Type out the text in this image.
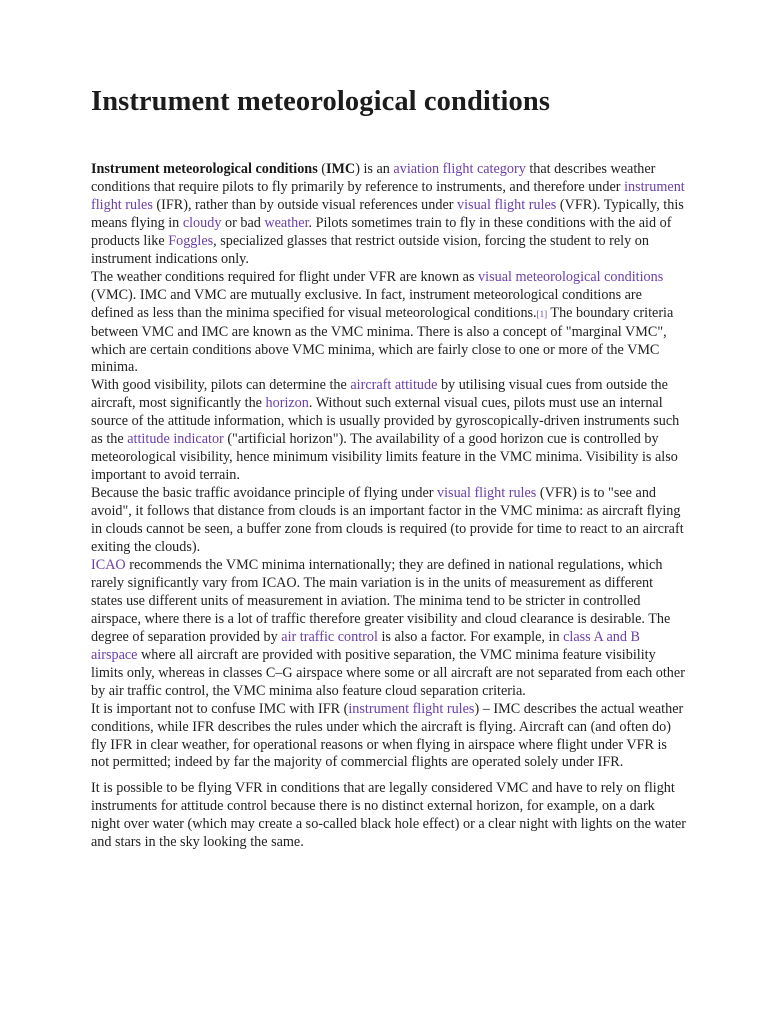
Instrument meteorological conditions

Instrument meteorological conditions (IMC) is an aviation flight category that describes weather conditions that require pilots to fly primarily by reference to instruments, and therefore under instrument flight rules (IFR), rather than by outside visual references under visual flight rules (VFR). Typically, this means flying in cloudy or bad weather. Pilots sometimes train to fly in these conditions with the aid of products like Foggles, specialized glasses that restrict outside vision, forcing the student to rely on instrument indications only.

The weather conditions required for flight under VFR are known as visual meteorological conditions (VMC). IMC and VMC are mutually exclusive. In fact, instrument meteorological conditions are defined as less than the minima specified for visual meteorological conditions.[1] The boundary criteria between VMC and IMC are known as the VMC minima. There is also a concept of "marginal VMC", which are certain conditions above VMC minima, which are fairly close to one or more of the VMC minima.

With good visibility, pilots can determine the aircraft attitude by utilising visual cues from outside the aircraft, most significantly the horizon. Without such external visual cues, pilots must use an internal source of the attitude information, which is usually provided by gyroscopically-driven instruments such as the attitude indicator ("artificial horizon"). The availability of a good horizon cue is controlled by meteorological visibility, hence minimum visibility limits feature in the VMC minima. Visibility is also important to avoid terrain.

Because the basic traffic avoidance principle of flying under visual flight rules (VFR) is to "see and avoid", it follows that distance from clouds is an important factor in the VMC minima: as aircraft flying in clouds cannot be seen, a buffer zone from clouds is required (to provide for time to react to an aircraft exiting the clouds).

ICAO recommends the VMC minima internationally; they are defined in national regulations, which rarely significantly vary from ICAO. The main variation is in the units of measurement as different states use different units of measurement in aviation. The minima tend to be stricter in controlled airspace, where there is a lot of traffic therefore greater visibility and cloud clearance is desirable. The degree of separation provided by air traffic control is also a factor. For example, in class A and B airspace where all aircraft are provided with positive separation, the VMC minima feature visibility limits only, whereas in classes C–G airspace where some or all aircraft are not separated from each other by air traffic control, the VMC minima also feature cloud separation criteria.

It is important not to confuse IMC with IFR (instrument flight rules) – IMC describes the actual weather conditions, while IFR describes the rules under which the aircraft is flying. Aircraft can (and often do) fly IFR in clear weather, for operational reasons or when flying in airspace where flight under VFR is not permitted; indeed by far the majority of commercial flights are operated solely under IFR.

It is possible to be flying VFR in conditions that are legally considered VMC and have to rely on flight instruments for attitude control because there is no distinct external horizon, for example, on a dark night over water (which may create a so-called black hole effect) or a clear night with lights on the water and stars in the sky looking the same.
